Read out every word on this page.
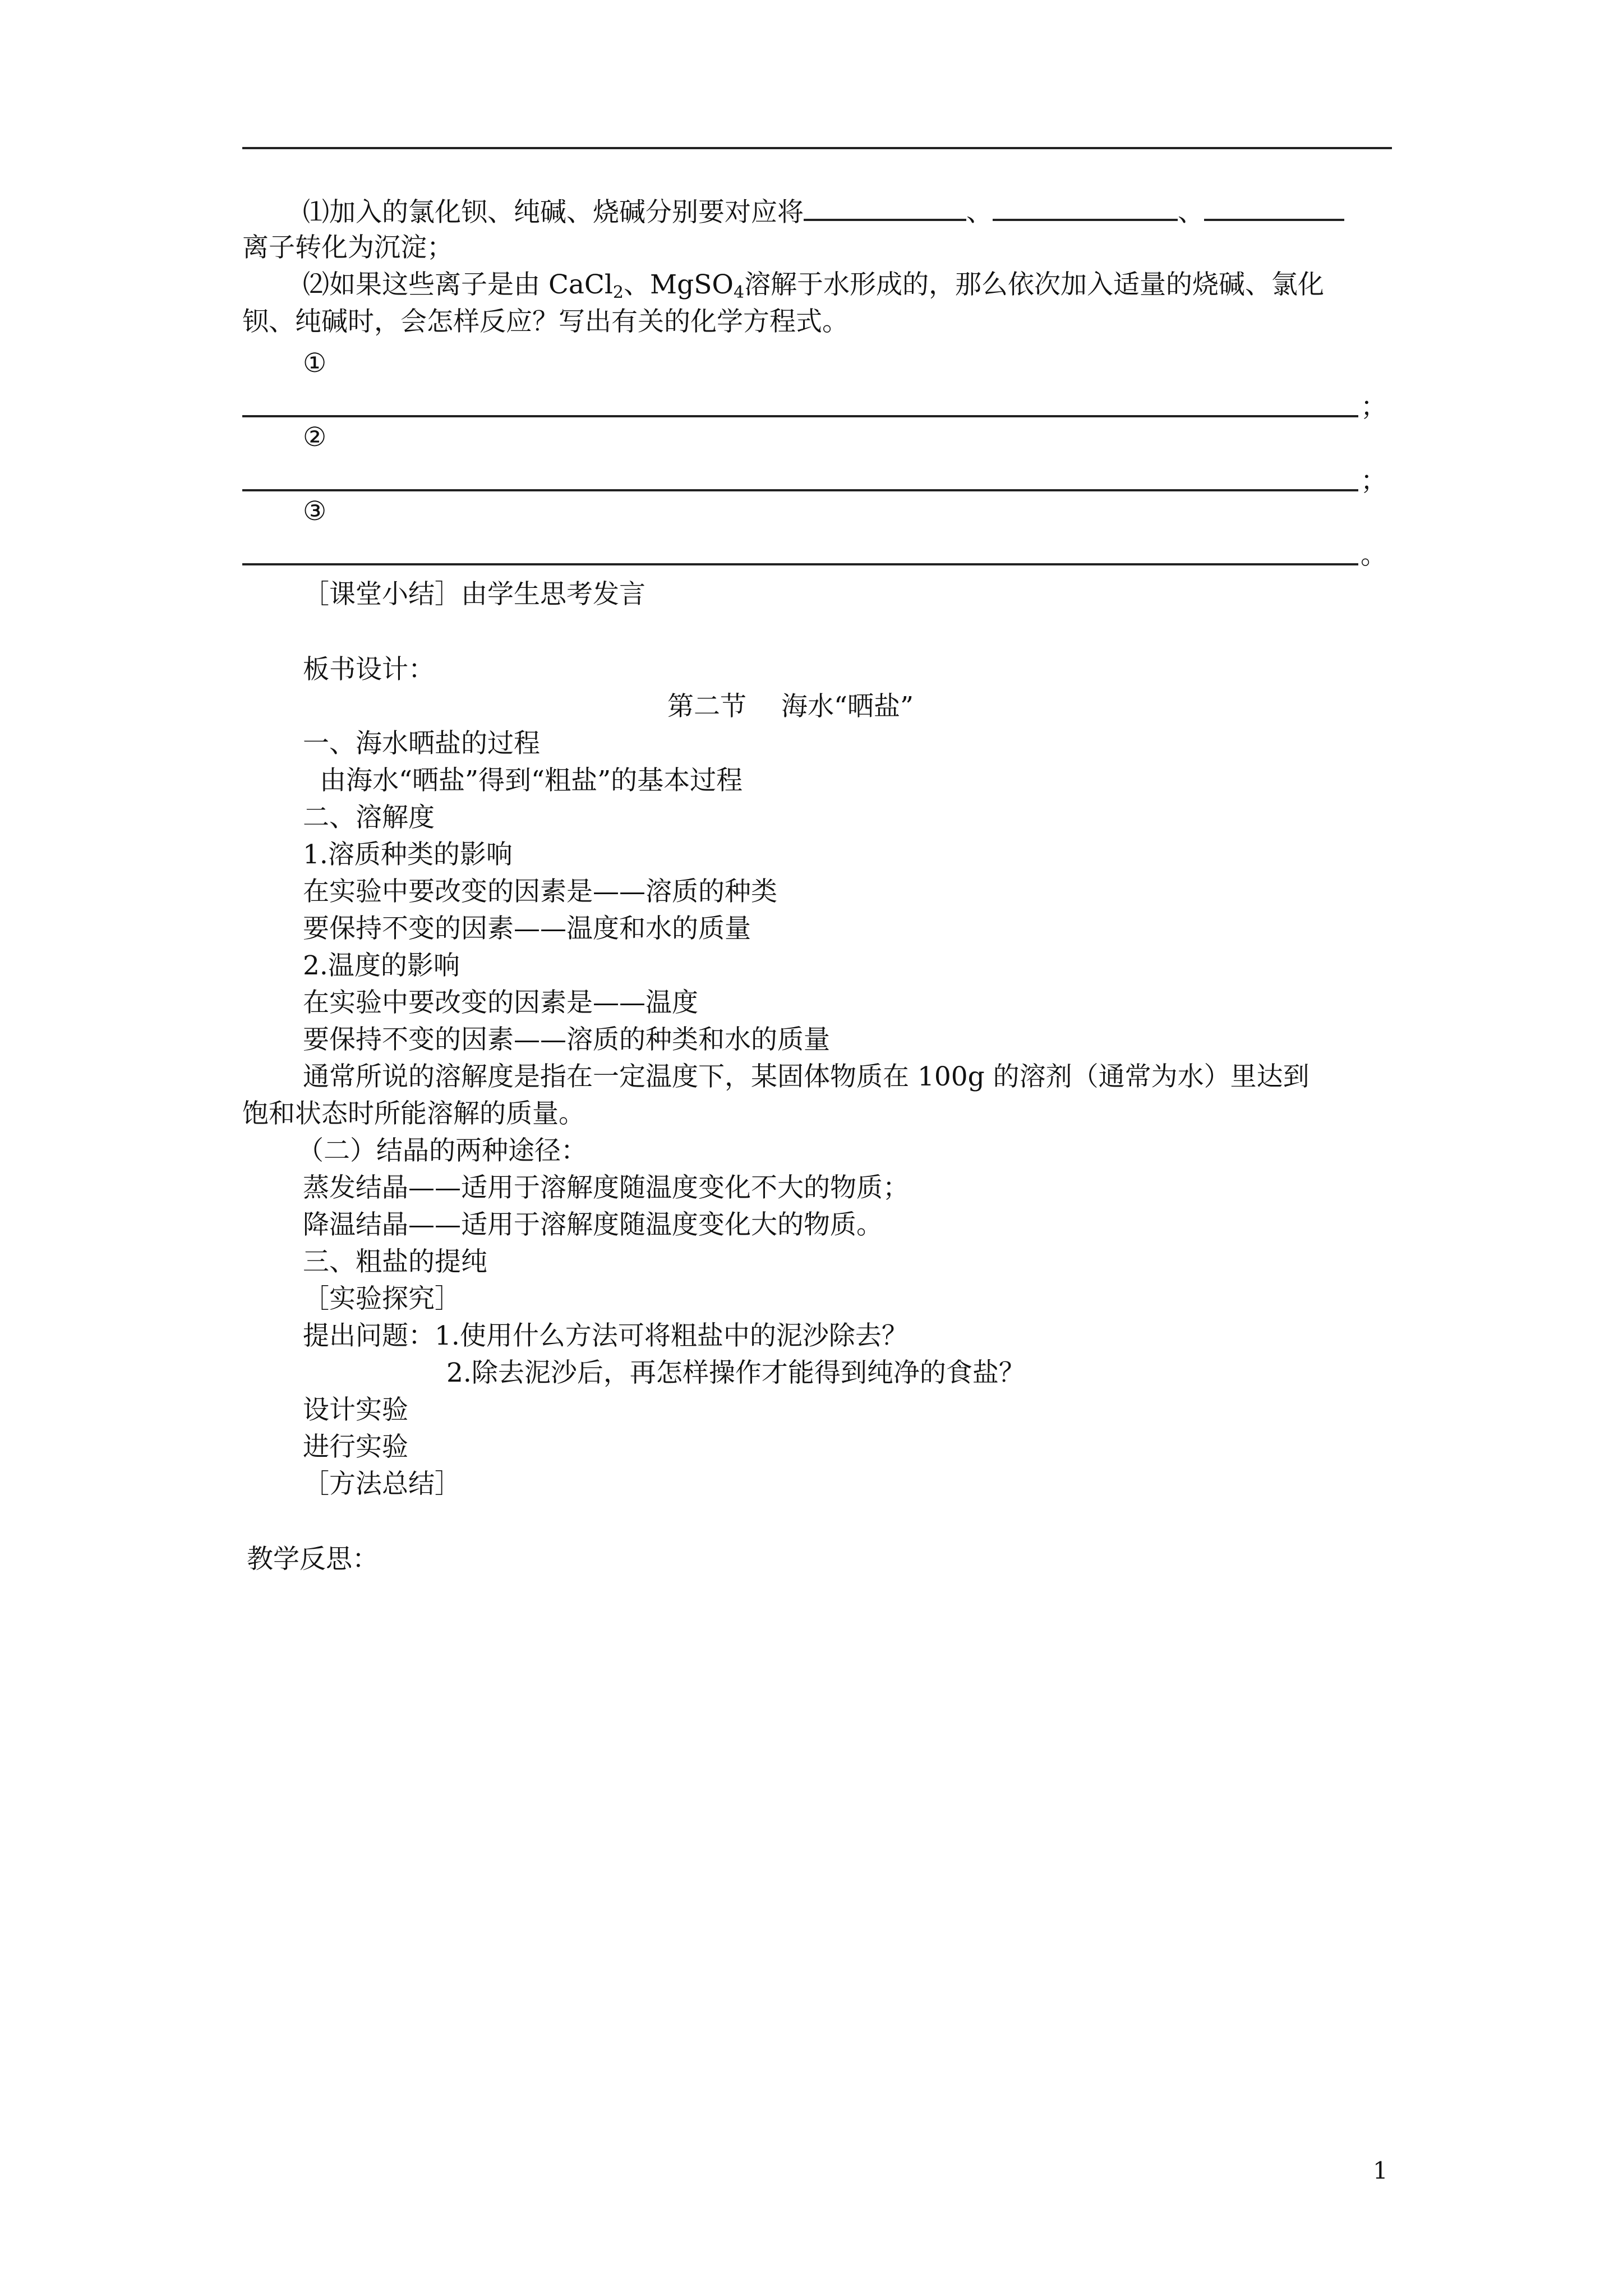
⑴加入的氯化钡、纯碱、烧碱分别要对应将	、	、
离子转化为沉淀；
⑵如果这些离子是由 CaCl$_2$、MgSO$_4$溶解于水形成的，那么依次加入适量的烧碱、氯化
钡、纯碱时，会怎样反应？写出有关的化学方程式。
①
；
②
；
③
。
［课堂小结］由学生思考发言
板书设计：
第二节　 海水“晒盐”
一、海水晒盐的过程
由海水“晒盐”得到“粗盐”的基本过程
二、溶解度
1.溶质种类的影响
在实验中要改变的因素是——溶质的种类
要保持不变的因素——温度和水的质量
2.温度的影响
在实验中要改变的因素是——温度
要保持不变的因素——溶质的种类和水的质量
通常所说的溶解度是指在一定温度下，某固体物质在 100g 的溶剂（通常为水）里达到
饱和状态时所能溶解的质量。
（二）结晶的两种途径：
蒸发结晶——适用于溶解度随温度变化不大的物质；
降温结晶——适用于溶解度随温度变化大的物质。
三、粗盐的提纯
［实验探究］
提出问题：1.使用什么方法可将粗盐中的泥沙除去？
2.除去泥沙后，再怎样操作才能得到纯净的食盐？
设计实验
进行实验
［方法总结］
教学反思：
1
